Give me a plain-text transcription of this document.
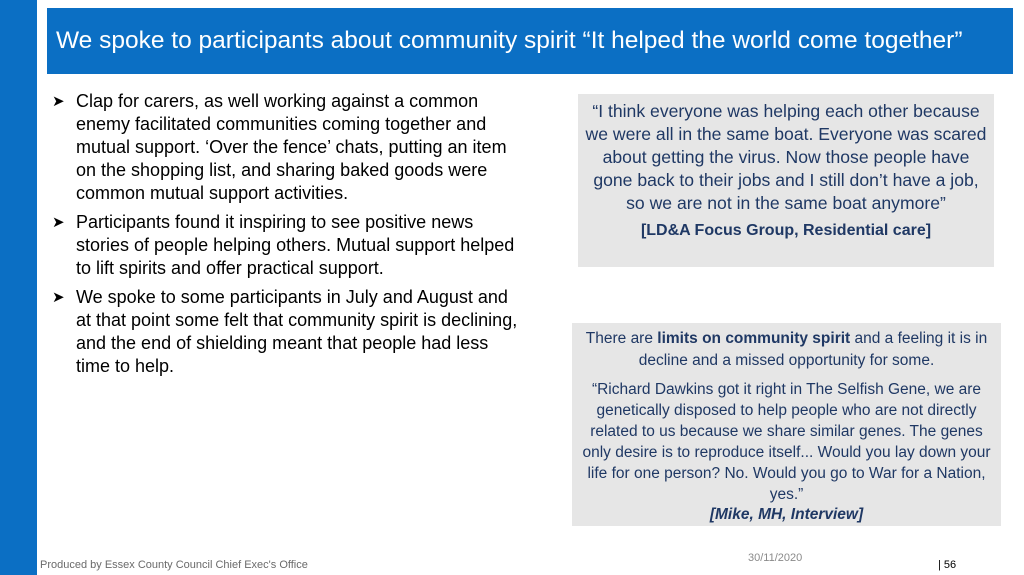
We spoke to participants about community spirit “It helped the world come together”
➤ Clap for carers, as well working against a common enemy facilitated communities coming together and mutual support. ‘Over the fence’ chats, putting an item on the shopping list, and sharing baked goods were common mutual support activities.
➤ Participants found it inspiring to see positive news stories of people helping others. Mutual support helped to lift spirits and offer practical support.
➤ We spoke to some participants in July and August and at that point some felt that community spirit is declining, and the end of shielding meant that people had less time to help.
“I think everyone was helping each other because we were all in the same boat. Everyone was scared about getting the virus. Now those people have gone back to their jobs and I still don’t have a job, so we are not in the same boat anymore”
[LD&A Focus Group, Residential care]
There are limits on community spirit and a feeling it is in decline and a missed opportunity for some.
“Richard Dawkins got it right in The Selfish Gene, we are genetically disposed to help people who are not directly related to us because we share similar genes. The genes only desire is to reproduce itself... Would you lay down your life for one person? No. Would you go to War for a Nation, yes.”
[Mike, MH, Interview]
Produced by Essex County Council Chief Exec's Office
30/11/2020
| 56
